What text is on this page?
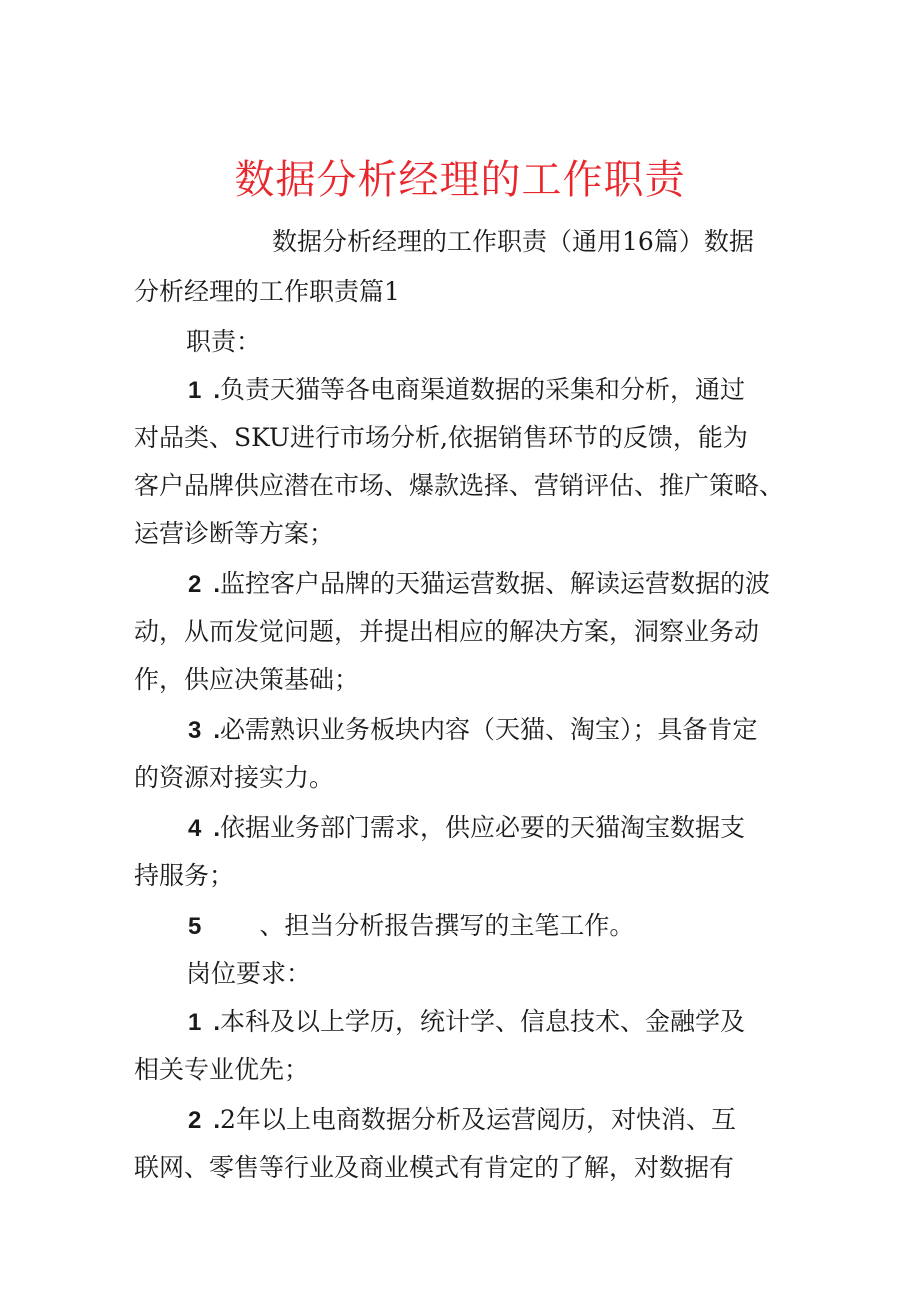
数据分析经理的工作职责
数据分析经理的工作职责（通用16篇）数据
分析经理的工作职责篇1
职责：
1 .负责天猫等各电商渠道数据的采集和分析，通过
对品类、SKU进行市场分析,依据销售环节的反馈，能为
客户品牌供应潜在市场、爆款选择、营销评估、推广策略、
运营诊断等方案；
2 .监控客户品牌的天猫运营数据、解读运营数据的波
动，从而发觉问题，并提出相应的解决方案，洞察业务动
作，供应决策基础；
3 .必需熟识业务板块内容（天猫、淘宝）；具备肯定
的资源对接实力。
4 .依据业务部门需求，供应必要的天猫淘宝数据支
持服务；
5 、担当分析报告撰写的主笔工作。
岗位要求：
1 .本科及以上学历，统计学、信息技术、金融学及
相关专业优先；
2 .2年以上电商数据分析及运营阅历，对快消、互
联网、零售等行业及商业模式有肯定的了解，对数据有
